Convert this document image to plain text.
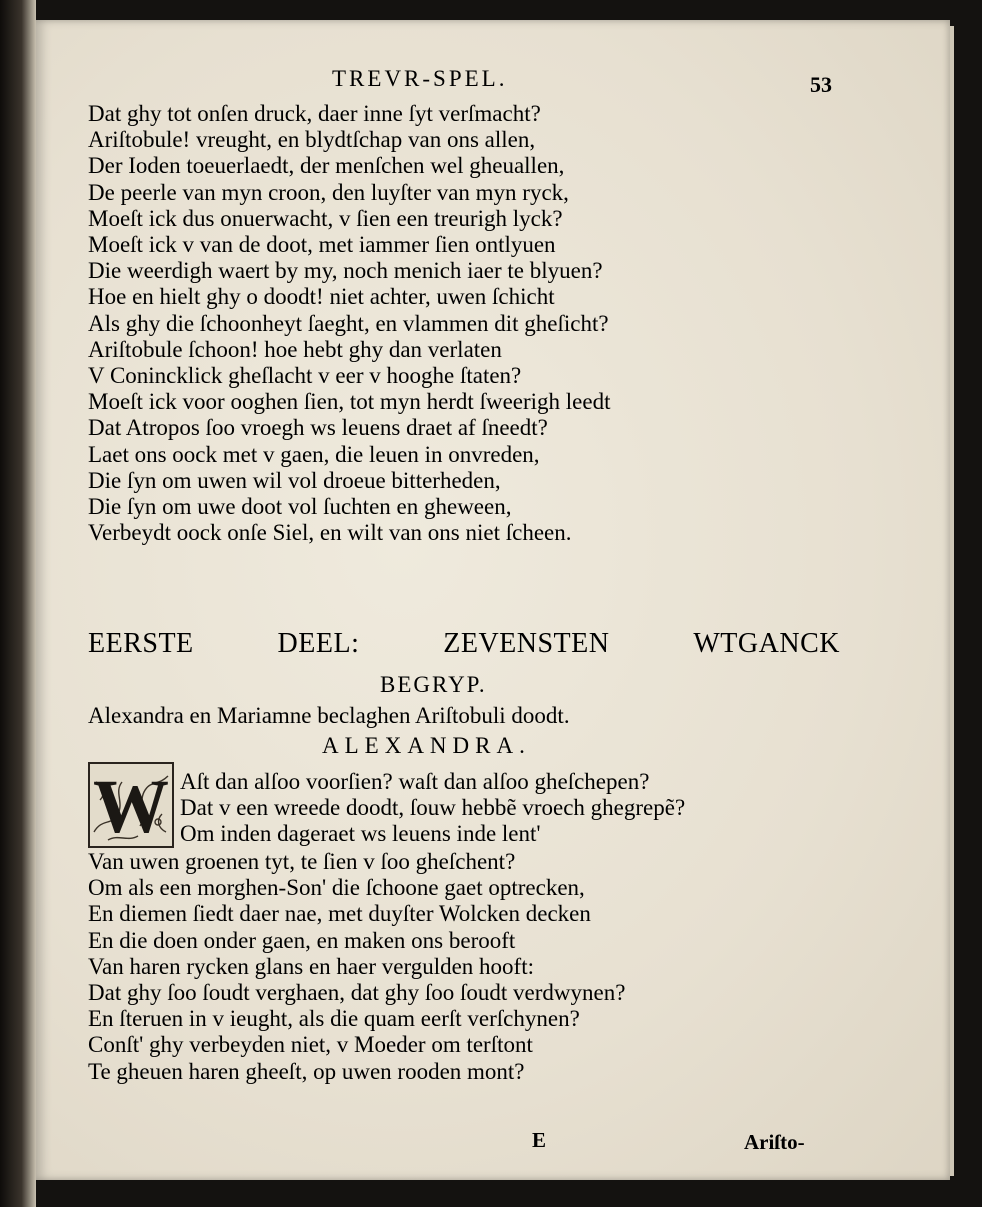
TREVR-SPEL.	53
Dat ghy tot onſen druck, daer inne ſyt verſmacht?
Ariſtobule! vreught, en blydtſchap van ons allen,
Der Ioden toeuerlaedt, der menſchen wel gheuallen,
De peerle van myn croon, den luyſter van myn ryck,
Moeſt ick dus onuerwacht, v ſien een treurigh lyck?
Moeſt ick v van de doot, met iammer ſien ontlyuen
Die weerdigh waert by my, noch menich iaer te blyuen?
Hoe en hielt ghy o doodt! niet achter, uwen ſchicht
Als ghy die ſchoonheyt ſaeght, en vlammen dit gheſicht?
Ariſtobule ſchoon! hoe hebt ghy dan verlaten
V Conincklick gheſlacht v eer v hooghe ſtaten?
Moeſt ick voor ooghen ſien, tot myn herdt ſweerigh leedt
Dat Atropos ſoo vroegh ws leuens draet af ſneedt?
Laet ons oock met v gaen, die leuen in onvreden,
Die ſyn om uwen wil vol droeue bitterheden,
Die ſyn om uwe doot vol ſuchten en gheween,
Verbeydt oock onſe Siel, en wilt van ons niet ſcheen.
EERSTE	DEEL:	ZEVENSTEN	WTGANCK
BEGRYP.
Alexandra en Mariamne beclaghen Ariſtobuli doodt.
ALEXANDRA.
W Aſt dan alſoo voorſien? waſt dan alſoo gheſchepen?
Dat v een wreede doodt, ſouw hebbẽ vroech ghegrepẽ?
Om inden dageraet ws leuens inde lent'
Van uwen groenen tyt, te ſien v ſoo gheſchent?
Om als een morghen-Son' die ſchoone gaet optrecken,
En diemen ſiedt daer nae, met duyſter Wolcken decken
En die doen onder gaen, en maken ons berooft
Van haren rycken glans en haer vergulden hooft:
Dat ghy ſoo ſoudt verghaen, dat ghy ſoo ſoudt verdwynen?
En ſteruen in v ieught, als die quam eerſt verſchynen?
Conſt' ghy verbeyden niet, v Moeder om terſtont
Te gheuen haren gheeſt, op uwen rooden mont?
E	Ariſto-
